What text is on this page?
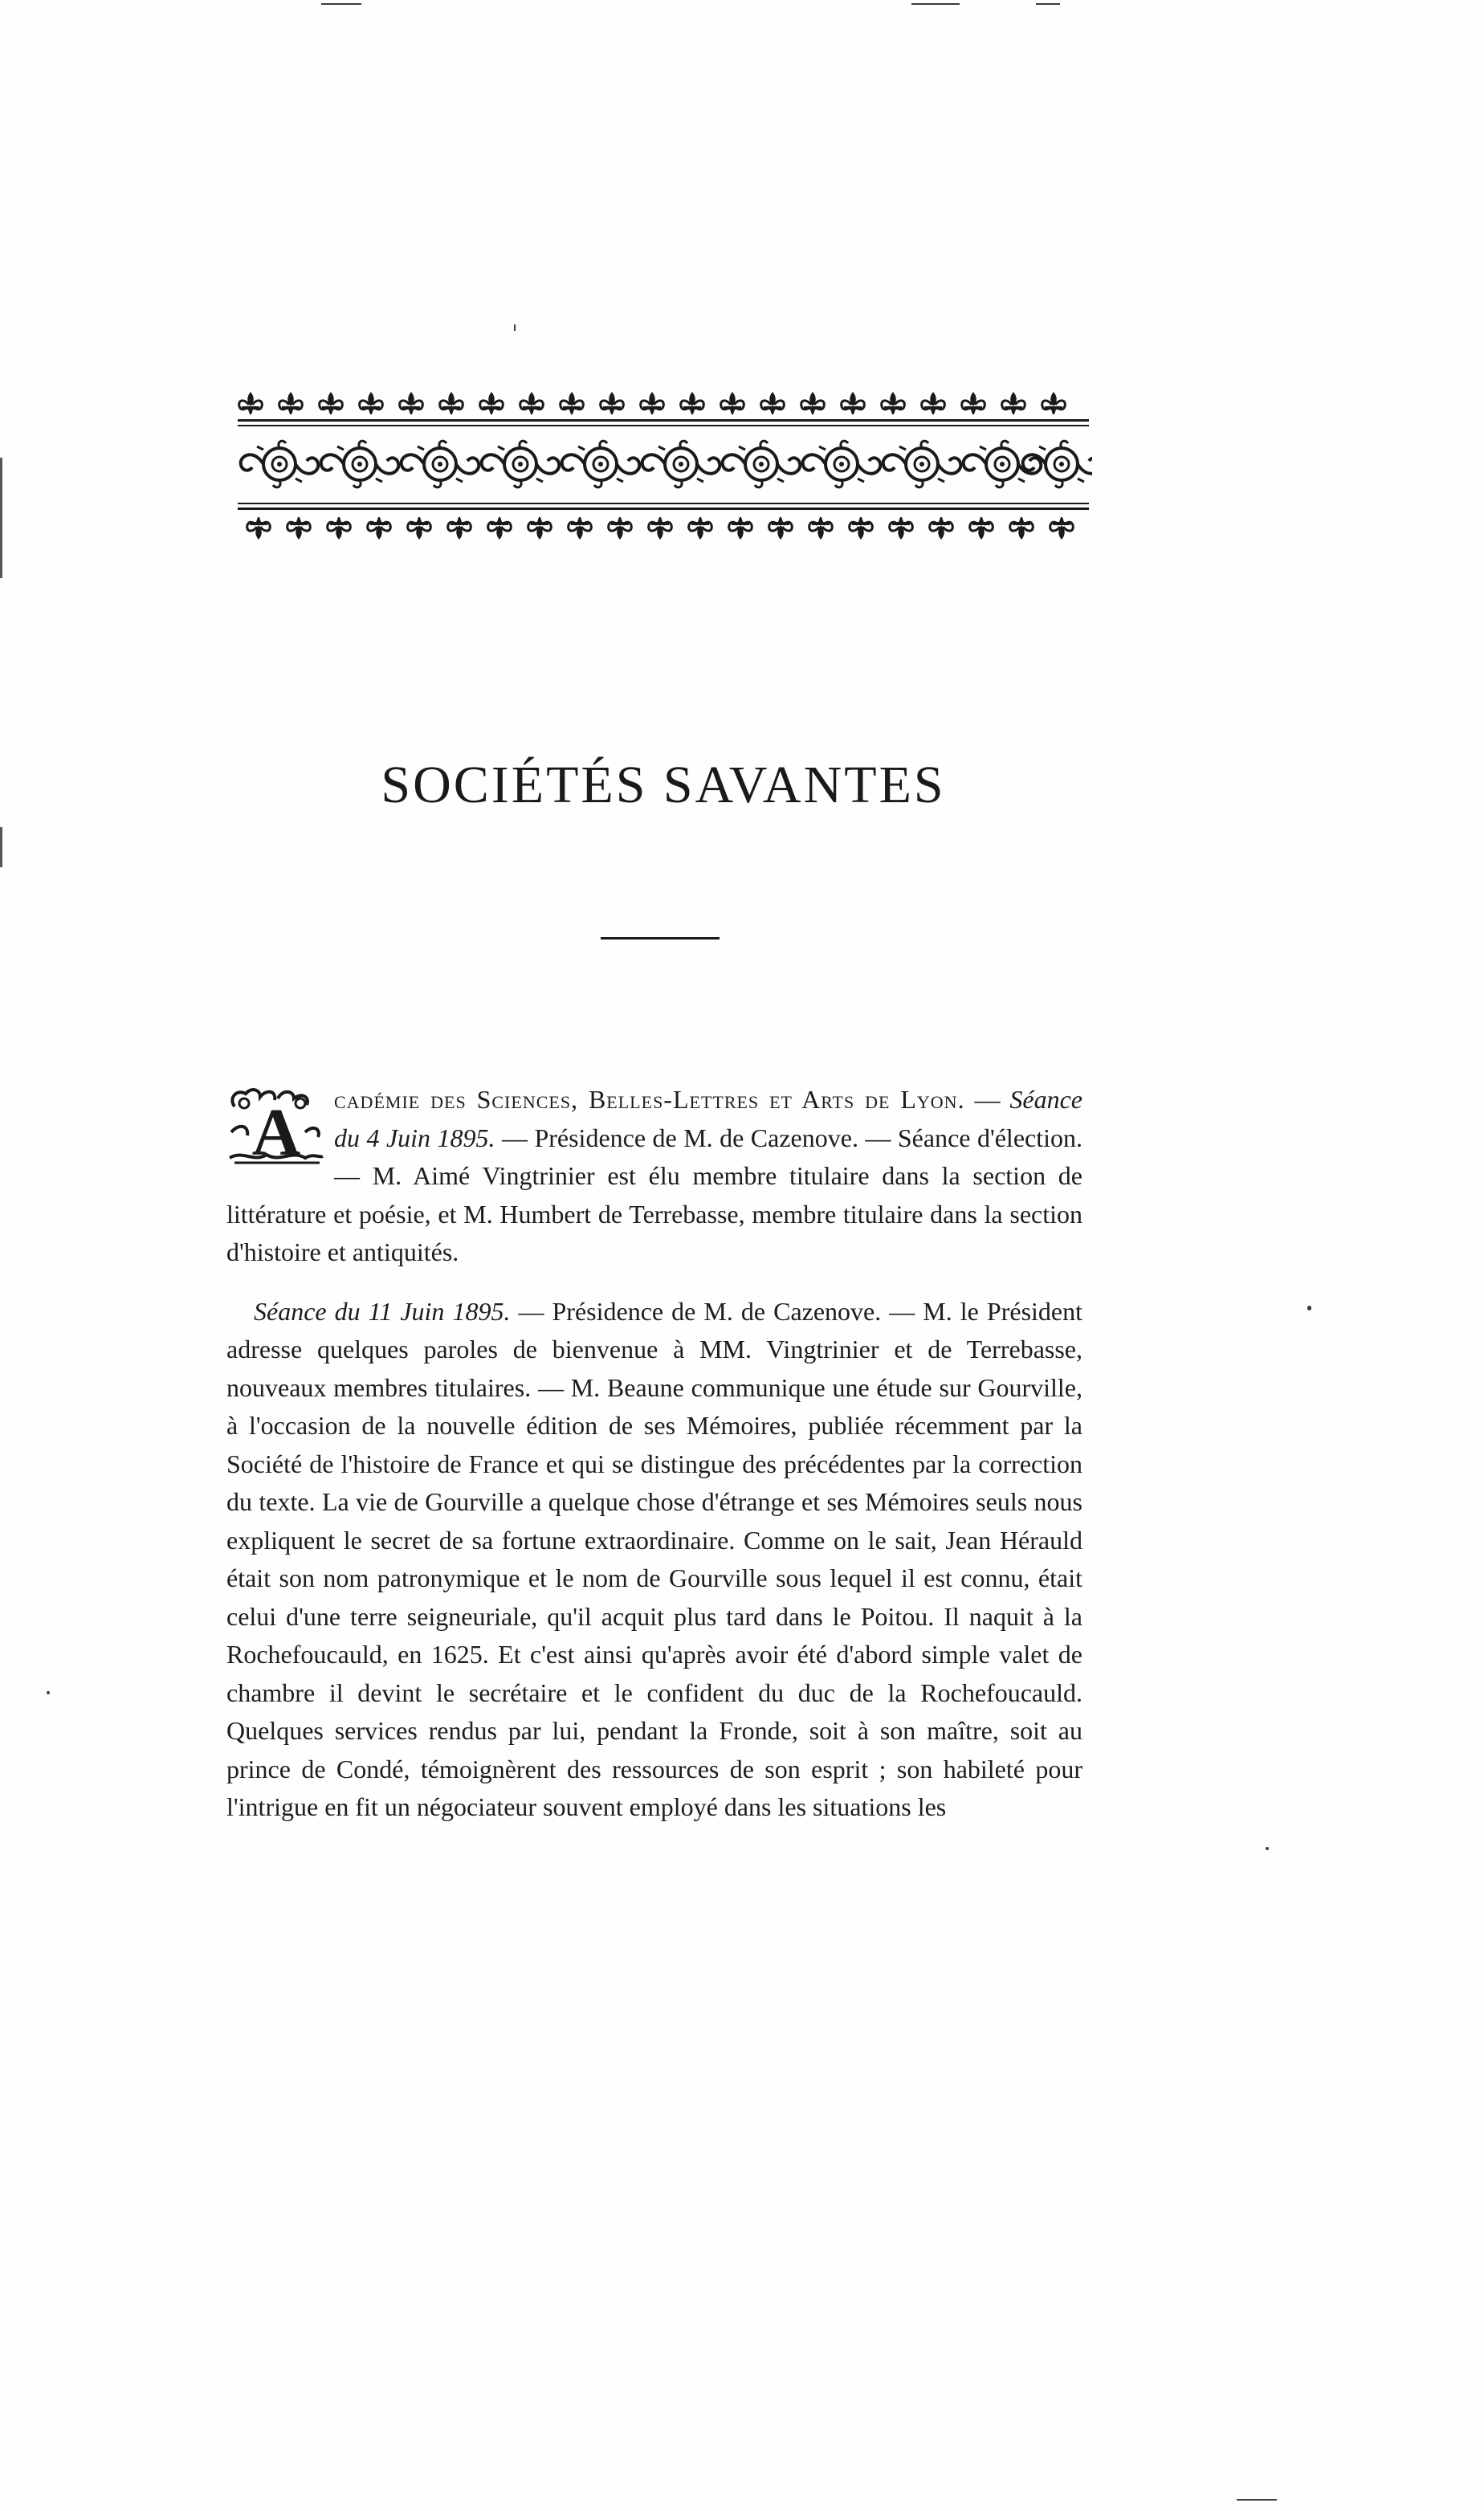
SOCIÉTÉS SAVANTES

A cadémie des Sciences, Belles-Lettres et Arts de Lyon. — Séance du 4 Juin 1895. — Présidence de M. de Cazenove. — Séance d'élection. — M. Aimé Vingtrinier est élu membre titulaire dans la section de littérature et poésie, et M. Humbert de Terrebasse, membre titulaire dans la section d'histoire et antiquités.

Séance du 11 Juin 1895. — Présidence de M. de Cazenove. — M. le Président adresse quelques paroles de bienvenue à MM. Vingtrinier et de Terrebasse, nouveaux membres titulaires. — M. Beaune communique une étude sur Gourville, à l'occasion de la nouvelle édition de ses Mémoires, publiée récemment par la Société de l'histoire de France et qui se distingue des précédentes par la correction du texte. La vie de Gourville a quelque chose d'étrange et ses Mémoires seuls nous expliquent le secret de sa fortune extraordinaire. Comme on le sait, Jean Hérauld était son nom patronymique et le nom de Gourville sous lequel il est connu, était celui d'une terre seigneuriale, qu'il acquit plus tard dans le Poitou. Il naquit à la Rochefoucauld, en 1625. Et c'est ainsi qu'après avoir été d'abord simple valet de chambre il devint le secrétaire et le confident du duc de la Rochefoucauld. Quelques services rendus par lui, pendant la Fronde, soit à son maître, soit au prince de Condé, témoignèrent des ressources de son esprit ; son habileté pour l'intrigue en fit un négociateur souvent employé dans les situations les
